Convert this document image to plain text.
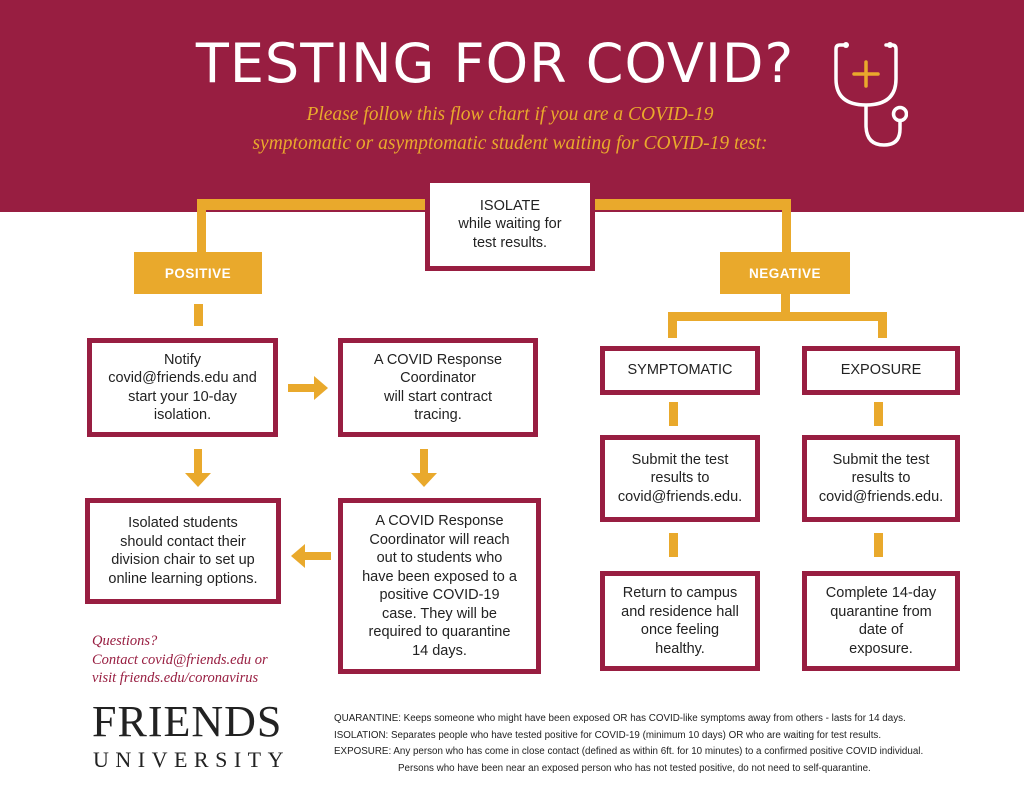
TESTING FOR COVID?
Please follow this flow chart if you are a COVID-19
symptomatic or asymptomatic student waiting for COVID-19 test:
ISOLATE
while waiting for
test results.
POSITIVE	NEGATIVE
Notify
covid@friends.edu and
start your 10-day
isolation.
A COVID Response
Coordinator
will start contract
tracing.
Isolated students
should contact their
division chair to set up
online learning options.
A COVID Response
Coordinator will reach
out to students who
have been exposed to a
positive COVID-19
case. They will be
required to quarantine
14 days.
SYMPTOMATIC	EXPOSURE
Submit the test
results to
covid@friends.edu.
Submit the test
results to
covid@friends.edu.
Return to campus
and residence hall
once feeling
healthy.
Complete 14-day
quarantine from
date of
exposure.
Questions?
Contact covid@friends.edu or
visit friends.edu/coronavirus
FRIENDS
UNIVERSITY
QUARANTINE: Keeps someone who might have been exposed OR has COVID-like symptoms away from others - lasts for 14 days.
ISOLATION: Separates people who have tested positive for COVID-19 (minimum 10 days) OR who are waiting for test results.
EXPOSURE: Any person who has come in close contact (defined as within 6ft. for 10 minutes) to a confirmed positive COVID individual.
Persons who have been near an exposed person who has not tested positive, do not need to self-quarantine.
